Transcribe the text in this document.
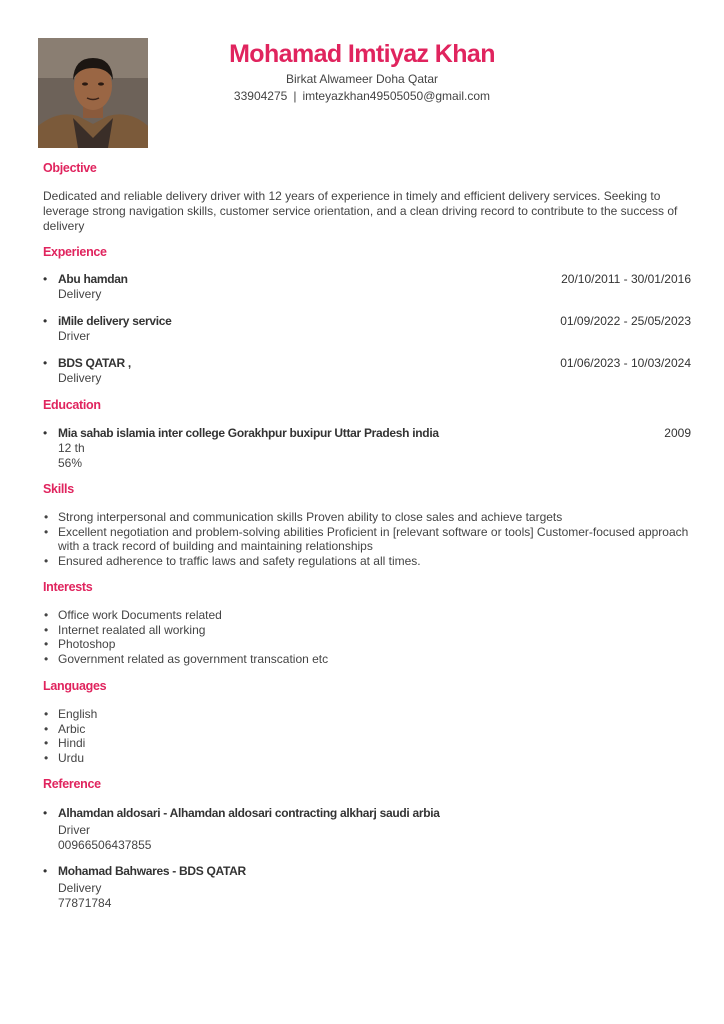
Mohamad Imtiyaz Khan
Birkat Alwameer Doha Qatar
33904275 | imteyazkhan49505050@gmail.com
Objective
Dedicated and reliable delivery driver with 12 years of experience in timely and efficient delivery services. Seeking to leverage strong navigation skills, customer service orientation, and a clean driving record to contribute to the success of delivery
Experience
• Abu hamdan	20/10/2011 - 30/01/2016
Delivery
• iMile delivery service	01/09/2022 - 25/05/2023
Driver
• BDS QATAR ,	01/06/2023 - 10/03/2024
Delivery
Education
• Mia sahab islamia inter college Gorakhpur buxipur Uttar Pradesh india	2009
12 th
56%
Skills
• Strong interpersonal and communication skills Proven ability to close sales and achieve targets
• Excellent negotiation and problem-solving abilities Proficient in [relevant software or tools] Customer-focused approach with a track record of building and maintaining relationships
• Ensured adherence to traffic laws and safety regulations at all times.
Interests
• Office work Documents related
• Internet realated all working
• Photoshop
• Government related as government transcation etc
Languages
• English
• Arbic
• Hindi
• Urdu
Reference
• Alhamdan aldosari - Alhamdan aldosari contracting alkharj saudi arbia
Driver
00966506437855
• Mohamad Bahwares - BDS QATAR
Delivery
77871784
